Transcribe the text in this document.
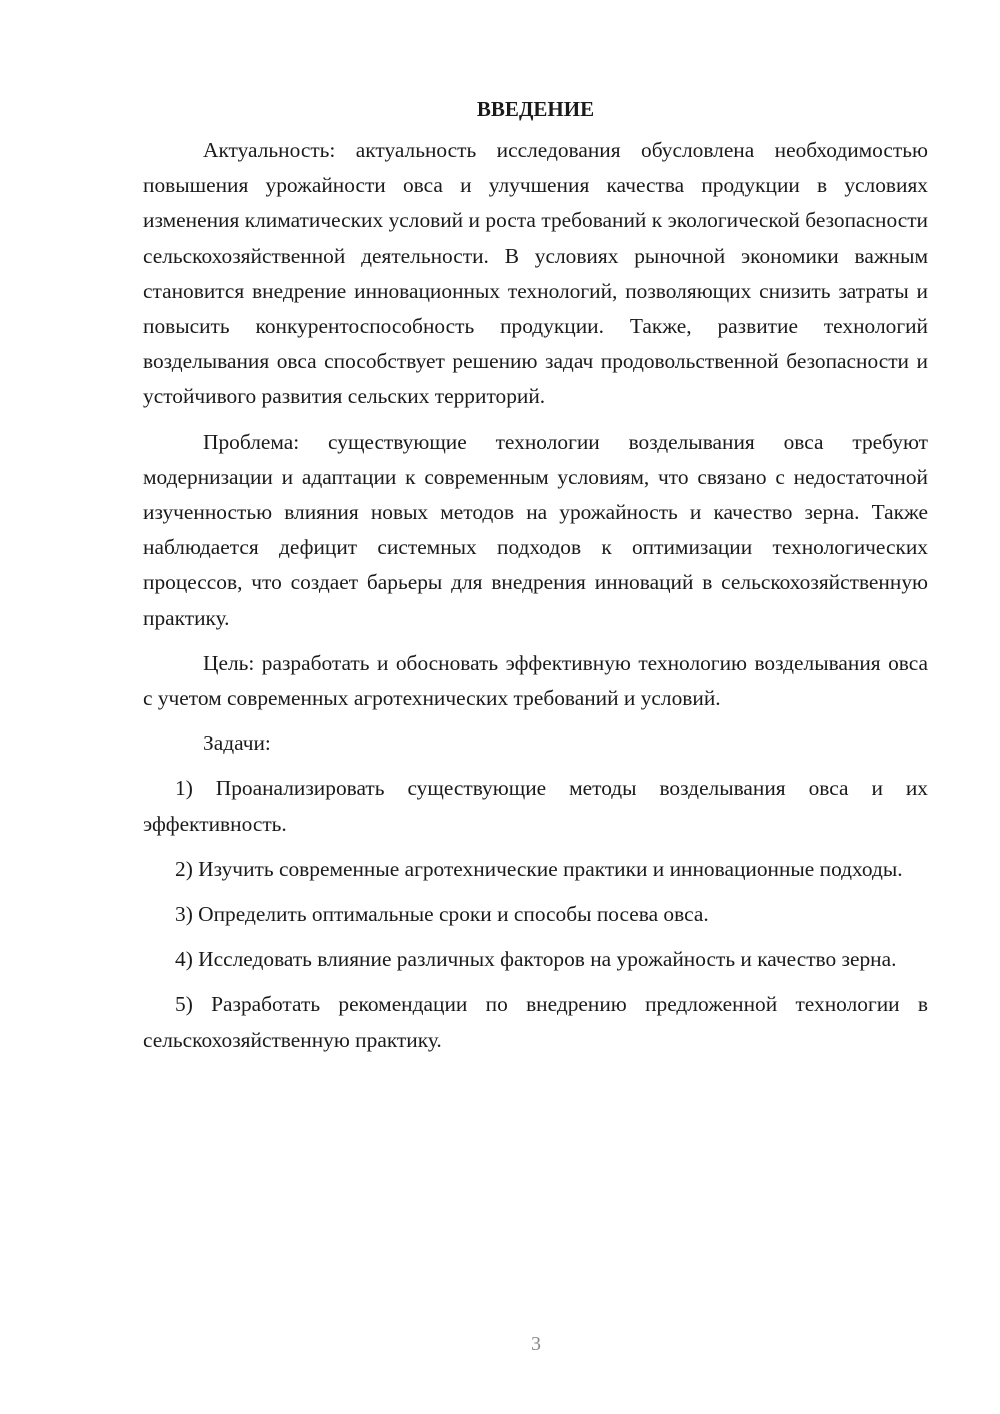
ВВЕДЕНИЕ

Актуальность: актуальность исследования обусловлена необходимостью повышения урожайности овса и улучшения качества продукции в условиях изменения климатических условий и роста требований к экологической безопасности сельскохозяйственной деятельности. В условиях рыночной экономики важным становится внедрение инновационных технологий, позволяющих снизить затраты и повысить конкурентоспособность продукции. Также, развитие технологий возделывания овса способствует решению задач продовольственной безопасности и устойчивого развития сельских территорий.

Проблема: существующие технологии возделывания овса требуют модернизации и адаптации к современным условиям, что связано с недостаточной изученностью влияния новых методов на урожайность и качество зерна. Также наблюдается дефицит системных подходов к оптимизации технологических процессов, что создает барьеры для внедрения инноваций в сельскохозяйственную практику.

Цель: разработать и обосновать эффективную технологию возделывания овса с учетом современных агротехнических требований и условий.

Задачи:

1) Проанализировать существующие методы возделывания овса и их эффективность.

2) Изучить современные агротехнические практики и инновационные подходы.

3) Определить оптимальные сроки и способы посева овса.

4) Исследовать влияние различных факторов на урожайность и качество зерна.

5) Разработать рекомендации по внедрению предложенной технологии в сельскохозяйственную практику.

3
